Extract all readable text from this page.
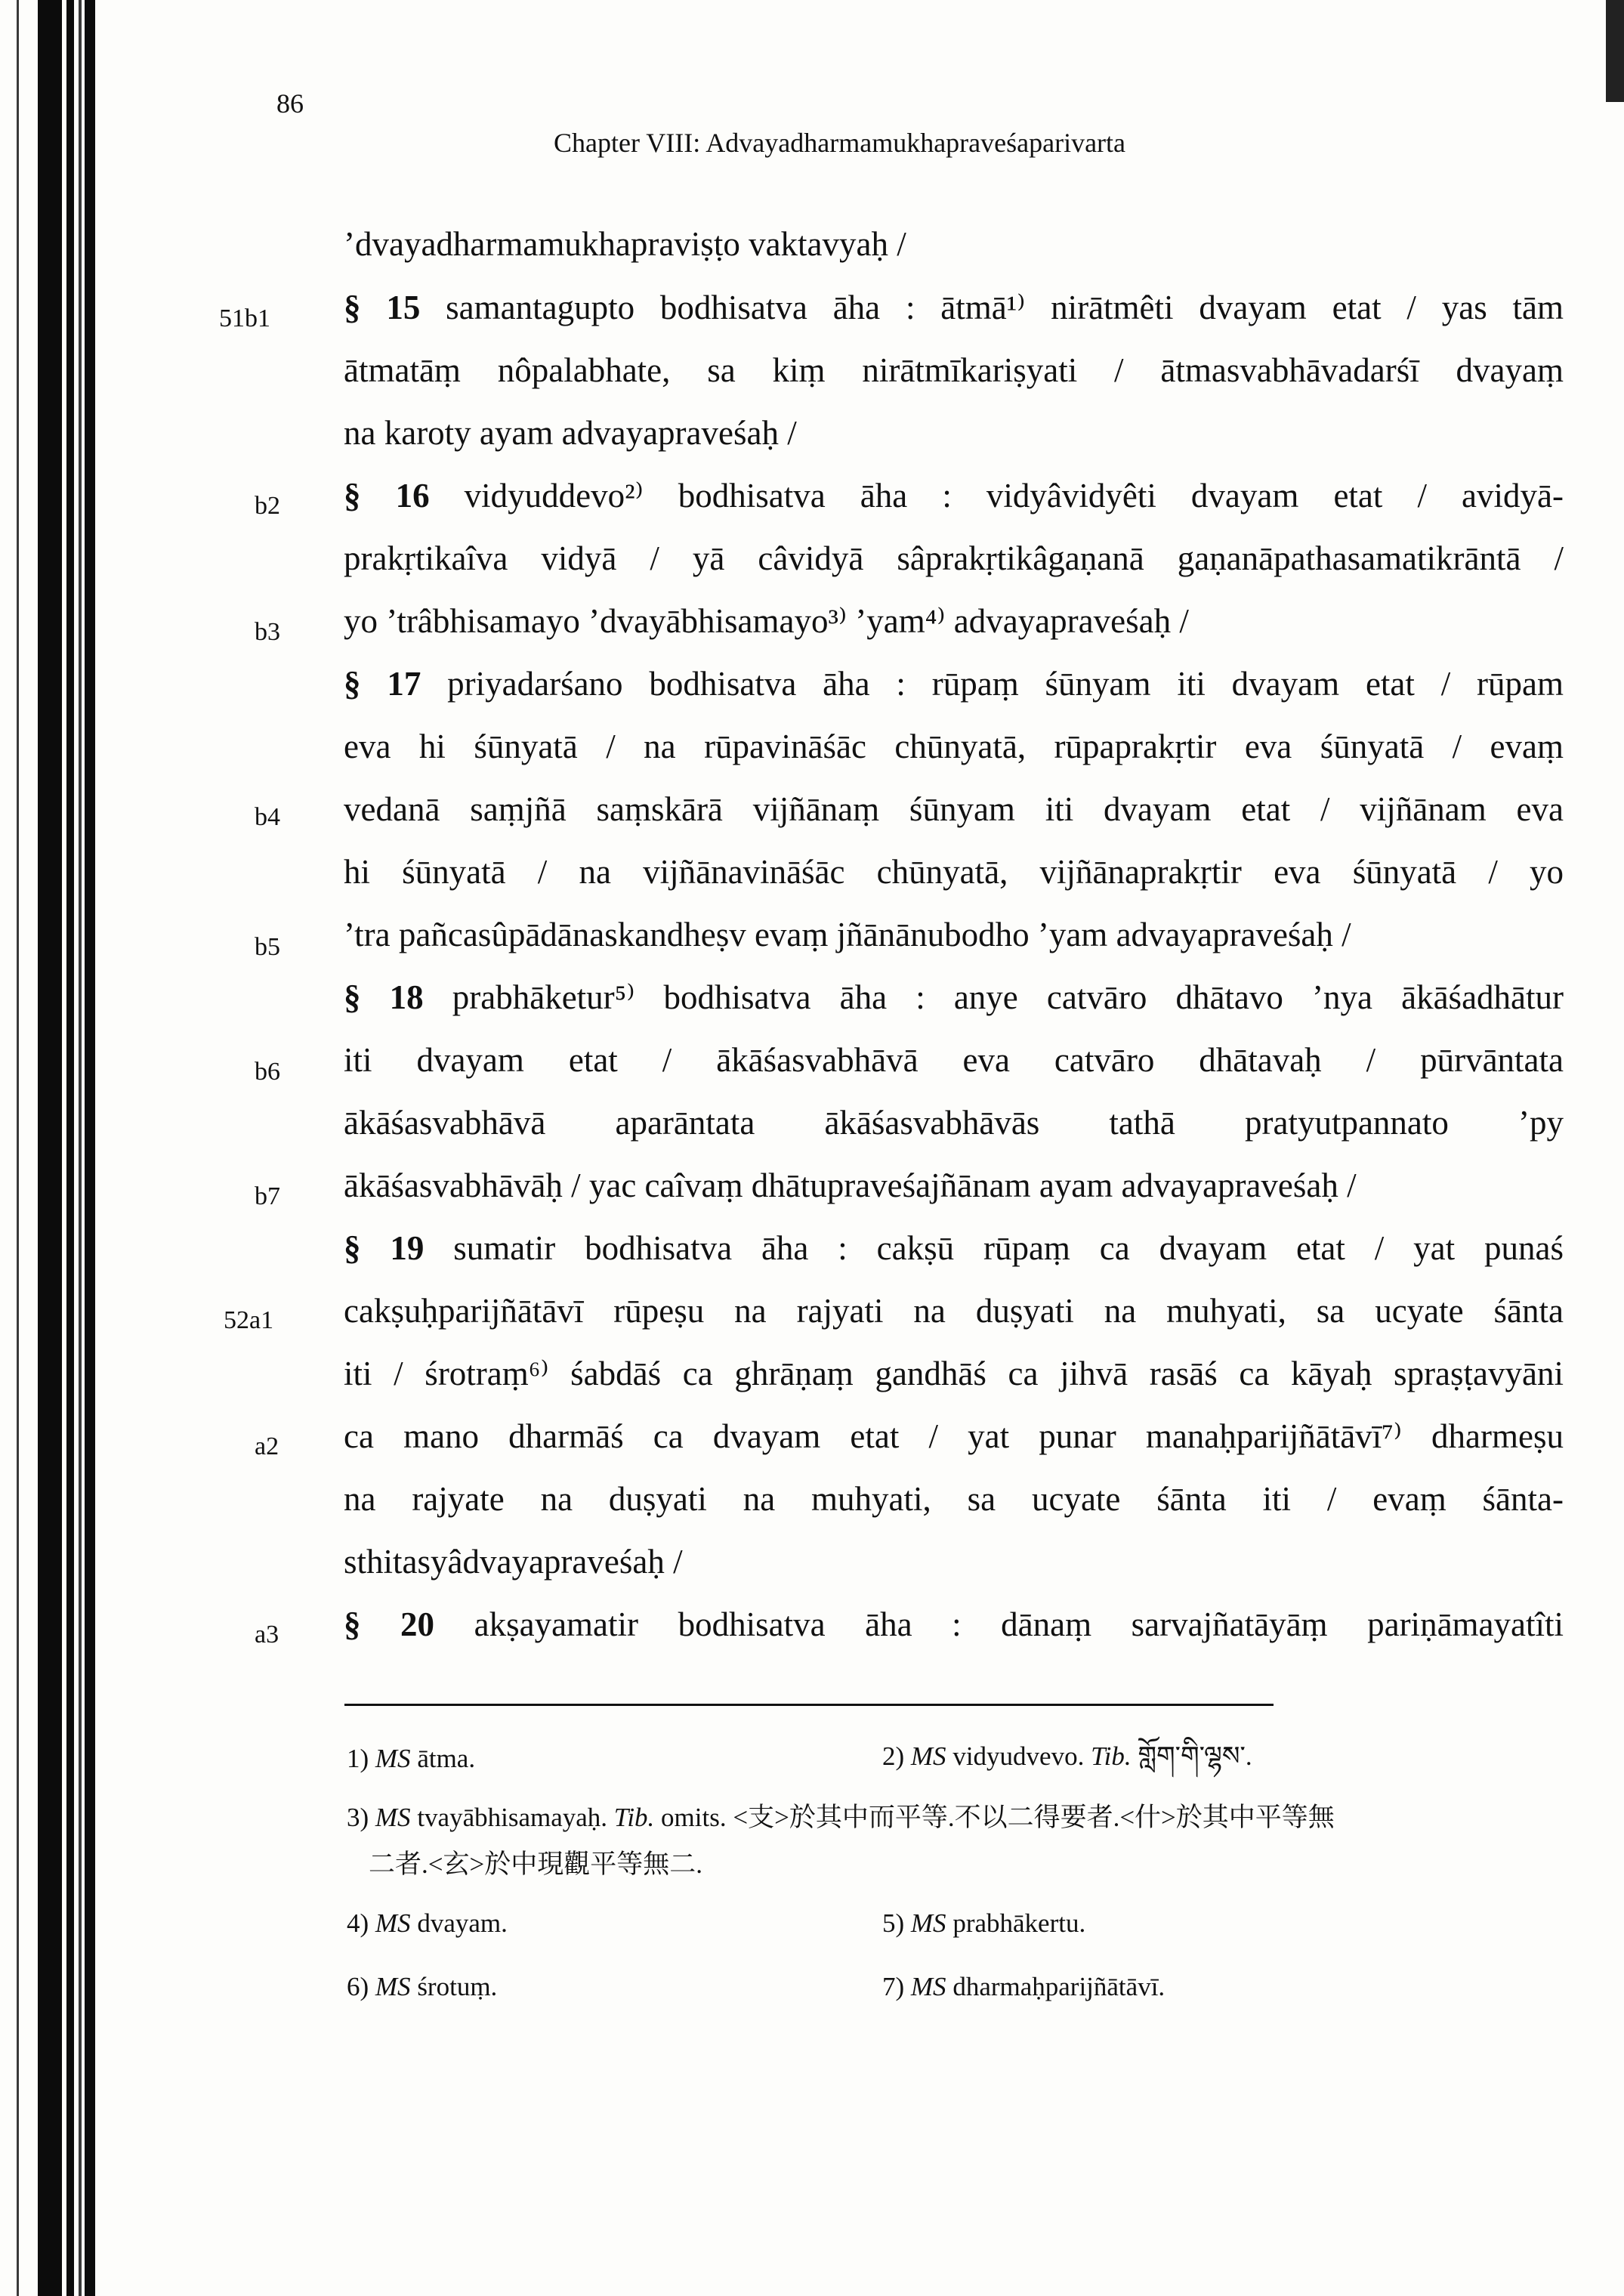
86
Chapter VIII: Advayadharmamukhapraveśaparivarta
51b1
b2
b3
b4
b5
b6
b7
52a1
a2
a3
’dvayadharmamukhapraviṣṭo vaktavyaḥ /
§ 15 samantagupto bodhisatva āha : ātmā¹⁾ nirātmêti dvayam etat / yas tām
ātmatāṃ nôpalabhate, sa kiṃ nirātmīkariṣyati / ātmasvabhāvadarśī dvayaṃ
na karoty ayam advayapraveśaḥ /
§ 16 vidyuddevo²⁾ bodhisatva āha : vidyâvidyêti dvayam etat / avidyā-
prakṛtikaîva vidyā / yā câvidyā sâprakṛtikâgaṇanā gaṇanāpathasamatikrāntā /
yo ’trâbhisamayo ’dvayābhisamayo³⁾ ’yam⁴⁾ advayapraveśaḥ /
§ 17 priyadarśano bodhisatva āha : rūpaṃ śūnyam iti dvayam etat / rūpam
eva hi śūnyatā / na rūpavināśāc chūnyatā, rūpaprakṛtir eva śūnyatā / evaṃ
vedanā saṃjñā saṃskārā vijñānaṃ śūnyam iti dvayam etat / vijñānam eva
hi śūnyatā / na vijñānavināśāc chūnyatā, vijñānaprakṛtir eva śūnyatā / yo
’tra pañcasûpādānaskandheṣv evaṃ jñānānubodho ’yam advayapraveśaḥ /
§ 18 prabhāketur⁵⁾ bodhisatva āha : anye catvāro dhātavo ’nya ākāśadhātur
iti dvayam etat / ākāśasvabhāvā eva catvāro dhātavaḥ / pūrvāntata
ākāśasvabhāvā aparāntata ākāśasvabhāvās tathā pratyutpannato ’py
ākāśasvabhāvāḥ / yac caîvaṃ dhātupraveśajñānam ayam advayapraveśaḥ /
§ 19 sumatir bodhisatva āha : cakṣū rūpaṃ ca dvayam etat / yat punaś
cakṣuḥparijñātāvī rūpeṣu na rajyati na duṣyati na muhyati, sa ucyate śānta
iti / śrotraṃ⁶⁾ śabdāś ca ghrāṇaṃ gandhāś ca jihvā rasāś ca kāyaḥ spraṣṭavyāni
ca mano dharmāś ca dvayam etat / yat punar manaḥparijñātāvī⁷⁾ dharmeṣu
na rajyate na duṣyati na muhyati, sa ucyate śānta iti / evaṃ śānta-
sthitasyâdvayapraveśaḥ /
§ 20 akṣayamatir bodhisatva āha : dānaṃ sarvajñatāyāṃ pariṇāmayatîti
1) MS ātma.	2) MS vidyudvevo. Tib. གློག་གི་ལྷས་.
3) MS tvayābhisamayaḥ. Tib. omits. <支>於其中而平等.不以二得要者.<什>於其中平等無
二者.<玄>於中現觀平等無二.
4) MS dvayam.	5) MS prabhākertu.
6) MS śrotuṃ.	7) MS dharmaḥparijñātāvī.
